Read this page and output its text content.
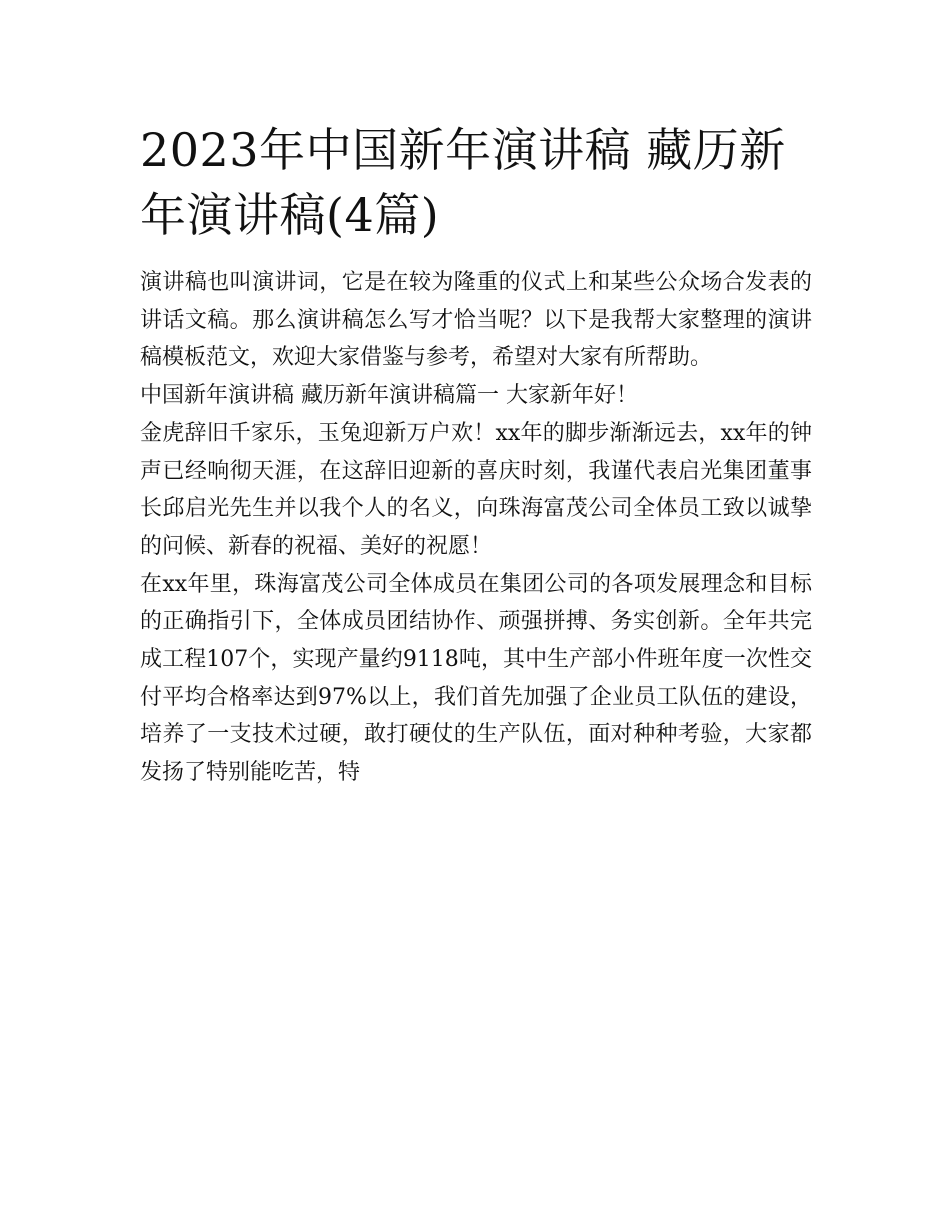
2023年中国新年演讲稿 藏历新年演讲稿(4篇)

演讲稿也叫演讲词，它是在较为隆重的仪式上和某些公众场合发表的讲话文稿。那么演讲稿怎么写才恰当呢？以下是我帮大家整理的演讲稿模板范文，欢迎大家借鉴与参考，希望对大家有所帮助。

中国新年演讲稿 藏历新年演讲稿篇一 大家新年好！

金虎辞旧千家乐，玉兔迎新万户欢！xx年的脚步渐渐远去，xx年的钟声已经响彻天涯，在这辞旧迎新的喜庆时刻，我谨代表启光集团董事长邱启光先生并以我个人的名义，向珠海富茂公司全体员工致以诚挚的问候、新春的祝福、美好的祝愿！

在xx年里，珠海富茂公司全体成员在集团公司的各项发展理念和目标的正确指引下，全体成员团结协作、顽强拼搏、务实创新。全年共完成工程107个，实现产量约9118吨，其中生产部小件班年度一次性交付平均合格率达到97%以上，我们首先加强了企业员工队伍的建设，培养了一支技术过硬，敢打硬仗的生产队伍，面对种种考验，大家都发扬了特别能吃苦，特
